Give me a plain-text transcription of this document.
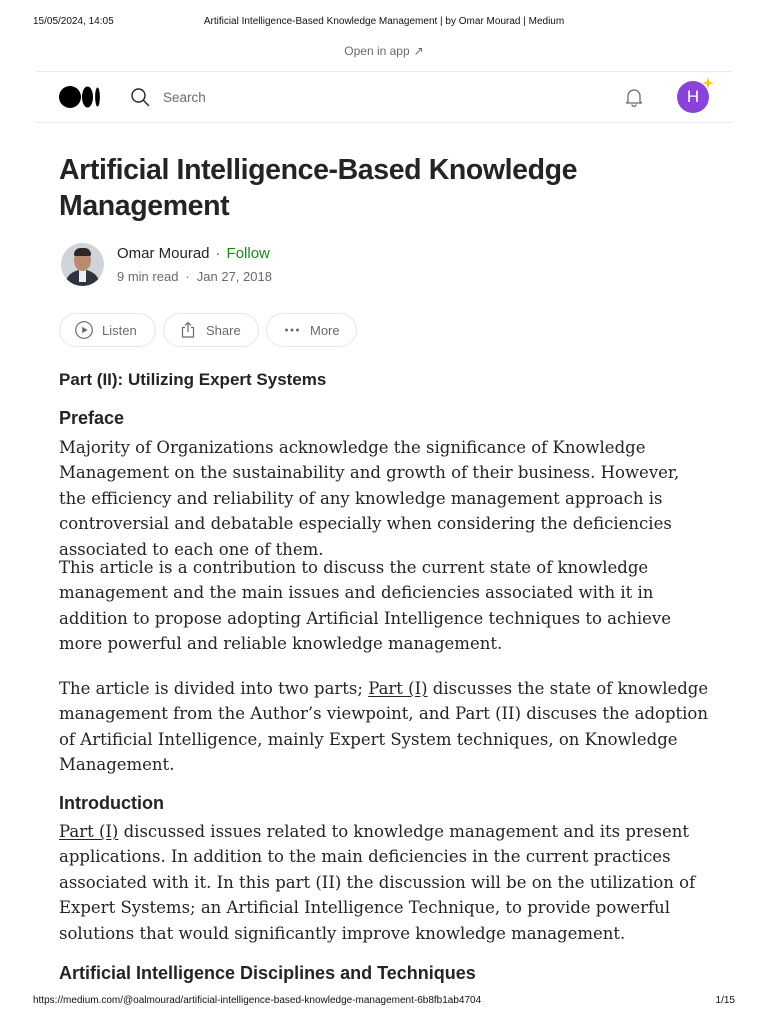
15/05/2024, 14:05	Artificial Intelligence-Based Knowledge Management | by Omar Mourad | Medium
Open in app ↗
Search	H
Artificial Intelligence-Based Knowledge Management
Omar Mourad · Follow
9 min read · Jan 27, 2018
Listen	Share	More
Part (II): Utilizing Expert Systems
Preface

Majority of Organizations acknowledge the significance of Knowledge Management on the sustainability and growth of their business. However, the efficiency and reliability of any knowledge management approach is controversial and debatable especially when considering the deficiencies associated to each one of them.

This article is a contribution to discuss the current state of knowledge management and the main issues and deficiencies associated with it in addition to propose adopting Artificial Intelligence techniques to achieve more powerful and reliable knowledge management.

The article is divided into two parts; Part (I) discusses the state of knowledge management from the Author’s viewpoint, and Part (II) discuses the adoption of Artificial Intelligence, mainly Expert System techniques, on Knowledge Management.

Introduction

Part (I) discussed issues related to knowledge management and its present applications. In addition to the main deficiencies in the current practices associated with it. In this part (II) the discussion will be on the utilization of Expert Systems; an Artificial Intelligence Technique, to provide powerful solutions that would significantly improve knowledge management.

Artificial Intelligence Disciplines and Techniques
https://medium.com/@oalmourad/artificial-intelligence-based-knowledge-management-6b8fb1ab4704	1/15
